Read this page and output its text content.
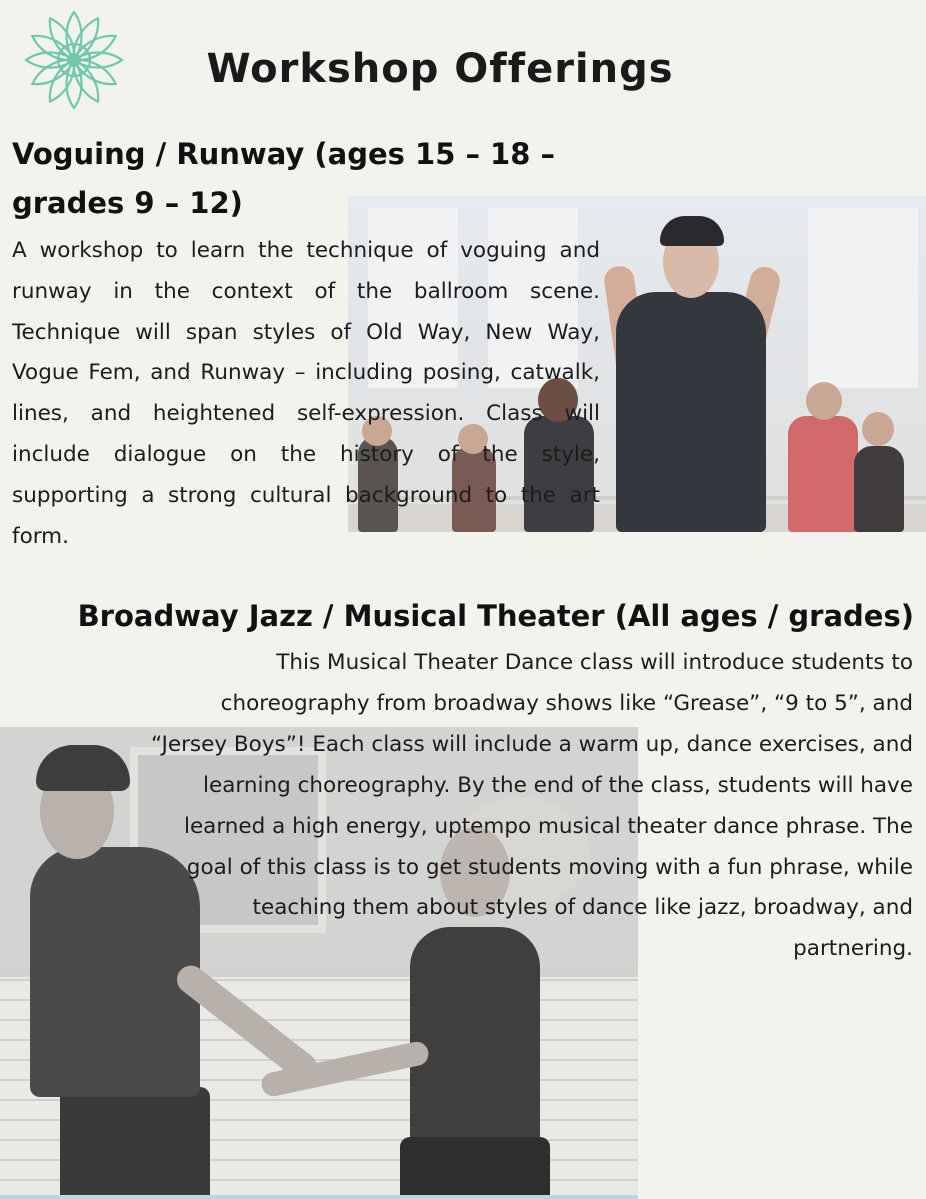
Workshop Offerings
Voguing / Runway (ages 15 – 18 – grades 9 – 12)

A workshop to learn the technique of voguing and runway in the context of the ballroom scene. Technique will span styles of Old Way, New Way, Vogue Fem, and Runway – including posing, catwalk, lines, and heightened self-expression. Class will include dialogue on the history of the style, supporting a strong cultural background to the art form.

Broadway Jazz / Musical Theater (All ages / grades)

This Musical Theater Dance class will introduce students to choreography from broadway shows like “Grease”, “9 to 5”, and “Jersey Boys”! Each class will include a warm up, dance exercises, and learning choreography. By the end of the class, students will have learned a high energy, uptempo musical theater dance phrase. The goal of this class is to get students moving with a fun phrase, while teaching them about styles of dance like jazz, broadway, and partnering.
